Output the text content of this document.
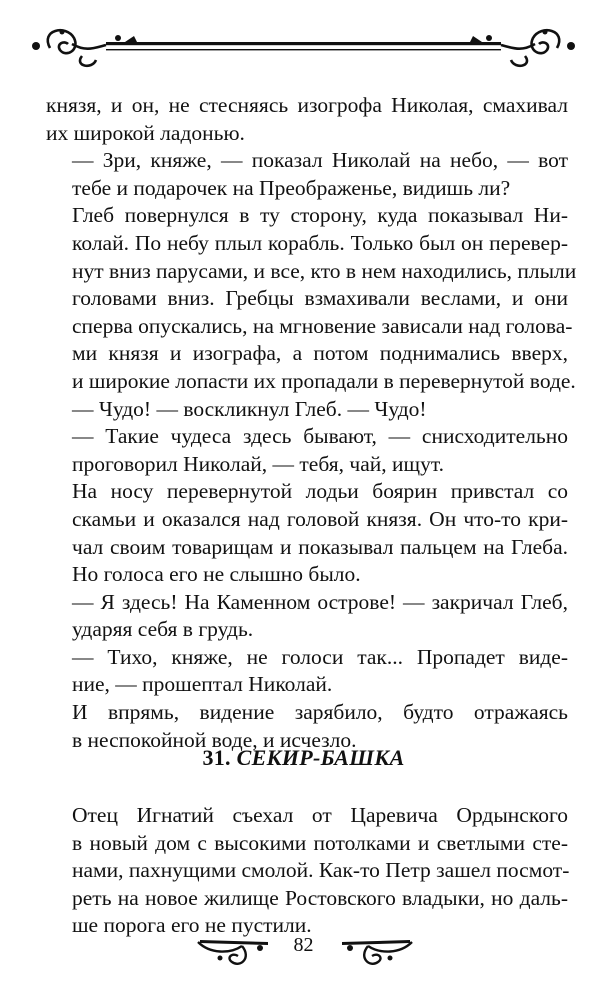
князя, и он, не стесняясь изогрофа Николая, смахивал
их широкой ладонью.

— Зри, княже, — показал Николай на небо, — вот
тебе и подарочек на Преображенье, видишь ли?

Глеб повернулся в ту сторону, куда показывал Ни-
колай. По небу плыл корабль. Только был он перевер-
нут вниз парусами, и все, кто в нем находились, плыли
головами вниз. Гребцы взмахивали веслами, и они
сперва опускались, на мгновение зависали над голова-
ми князя и изографа, а потом поднимались вверх,
и широкие лопасти их пропадали в перевернутой воде.

— Чудо! — воскликнул Глеб. — Чудо!

— Такие чудеса здесь бывают, — снисходительно
проговорил Николай, — тебя, чай, ищут.

На носу перевернутой лодьи боярин привстал со
скамьи и оказался над головой князя. Он что-то кри-
чал своим товарищам и показывал пальцем на Глеба.
Но голоса его не слышно было.

— Я здесь! На Каменном острове! — закричал Глеб,
ударяя себя в грудь.

— Тихо, княже, не голоси так... Пропадет виде-
ние, — прошептал Николай.

И впрямь, видение зарябило, будто отражаясь
в неспокойной воде, и исчезло.

31. СЕКИР-БАШКА

Отец Игнатий съехал от Царевича Ордынского
в новый дом с высокими потолками и светлыми сте-
нами, пахнущими смолой. Как-то Петр зашел посмот-
реть на новое жилище Ростовского владыки, но даль-
ше порога его не пустили.

82
